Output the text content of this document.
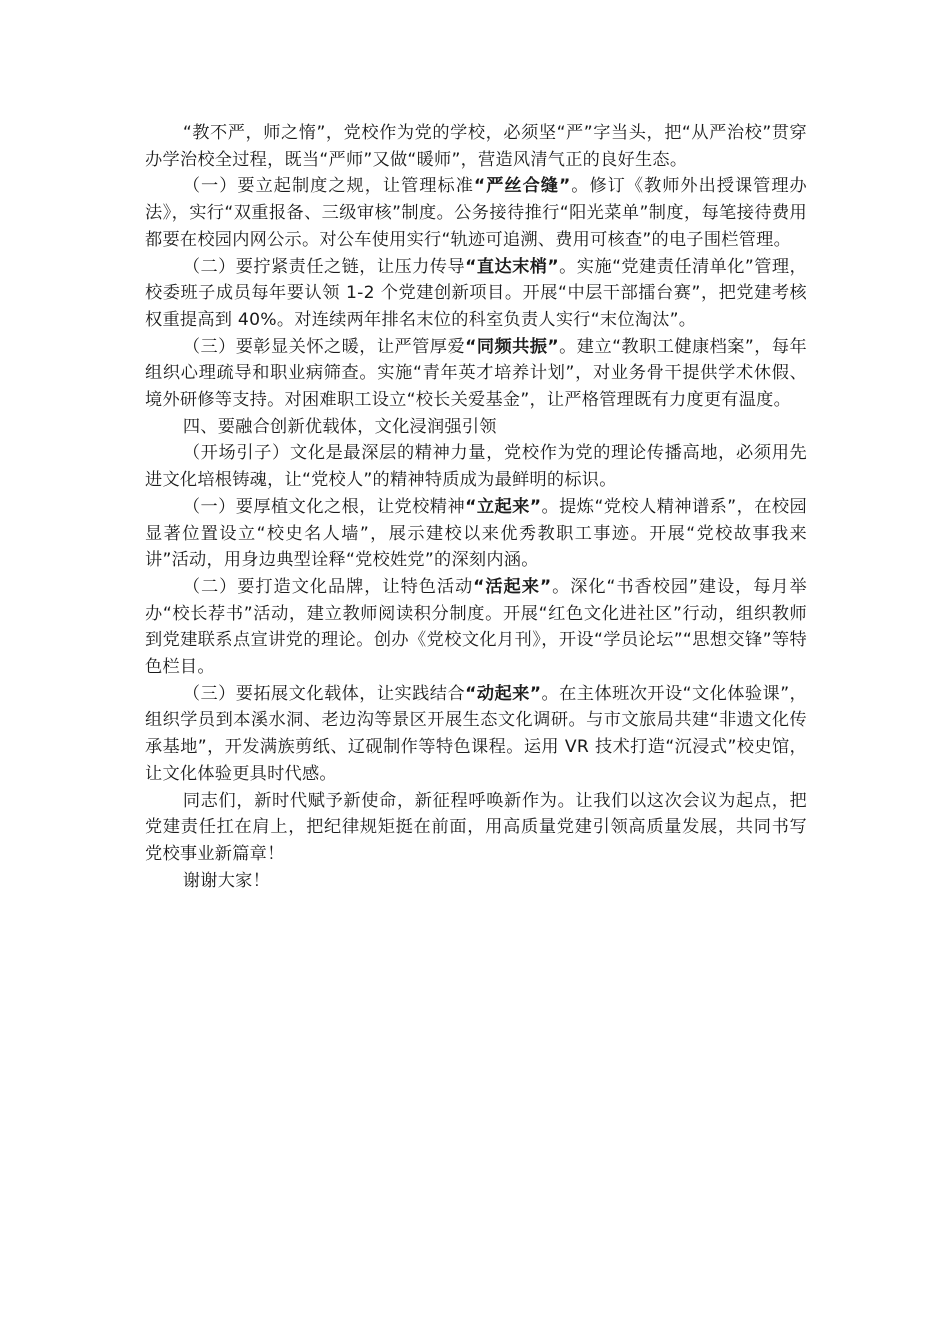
“教不严，师之惰”，党校作为党的学校，必须坚“严”字当头，把“从严治校”贯穿办学治校全过程，既当“严师”又做“暖师”，营造风清气正的良好生态。

（一）要立起制度之规，让管理标准“严丝合缝”。修订《教师外出授课管理办法》，实行“双重报备、三级审核”制度。公务接待推行“阳光菜单”制度，每笔接待费用都要在校园内网公示。对公车使用实行“轨迹可追溯、费用可核查”的电子围栏管理。

（二）要拧紧责任之链，让压力传导“直达末梢”。实施“党建责任清单化”管理，校委班子成员每年要认领 1-2 个党建创新项目。开展“中层干部擂台赛”，把党建考核权重提高到 40%。对连续两年排名末位的科室负责人实行“末位淘汰”。

（三）要彰显关怀之暖，让严管厚爱“同频共振”。建立“教职工健康档案”，每年组织心理疏导和职业病筛查。实施“青年英才培养计划”，对业务骨干提供学术休假、境外研修等支持。对困难职工设立“校长关爱基金”，让严格管理既有力度更有温度。

四、要融合创新优载体，文化浸润强引领

（开场引子）文化是最深层的精神力量，党校作为党的理论传播高地，必须用先进文化培根铸魂，让“党校人”的精神特质成为最鲜明的标识。

（一）要厚植文化之根，让党校精神“立起来”。提炼“党校人精神谱系”，在校园显著位置设立“校史名人墙”，展示建校以来优秀教职工事迹。开展“党校故事我来讲”活动，用身边典型诠释“党校姓党”的深刻内涵。

（二）要打造文化品牌，让特色活动“活起来”。深化“书香校园”建设，每月举办“校长荐书”活动，建立教师阅读积分制度。开展“红色文化进社区”行动，组织教师到党建联系点宣讲党的理论。创办《党校文化月刊》，开设“学员论坛”“思想交锋”等特色栏目。

（三）要拓展文化载体，让实践结合“动起来”。在主体班次开设“文化体验课”，组织学员到本溪水洞、老边沟等景区开展生态文化调研。与市文旅局共建“非遗文化传承基地”，开发满族剪纸、辽砚制作等特色课程。运用 VR 技术打造“沉浸式”校史馆，让文化体验更具时代感。

同志们，新时代赋予新使命，新征程呼唤新作为。让我们以这次会议为起点，把党建责任扛在肩上，把纪律规矩挺在前面，用高质量党建引领高质量发展，共同书写党校事业新篇章！

谢谢大家！
